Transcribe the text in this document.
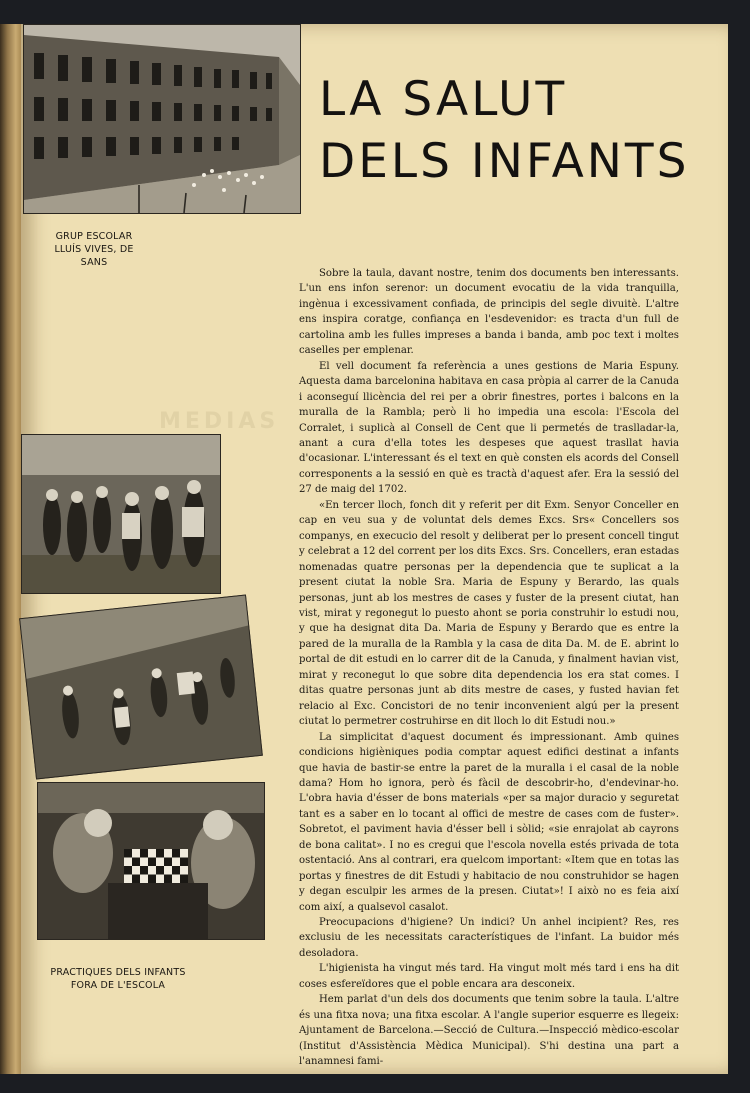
LA SALUT
DELS INFANTS
GRUP ESCOLAR
LLUÍS VIVES, DE
SANS
MEDIAS
PRACTIQUES DELS INFANTS
FORA DE L'ESCOLA

Sobre la taula, davant nostre, tenim dos documents ben interessants. L'un ens infon serenor: un document evocatiu de la vida tranquilla, ingènua i excessivament confiada, de principis del segle divuitè. L'altre ens inspira coratge, confiança en l'esdevenidor: es tracta d'un full de cartolina amb les fulles impreses a banda i banda, amb poc text i moltes caselles per emplenar.

El vell document fa referència a unes gestions de Maria Espuny. Aquesta dama barcelonina habitava en casa pròpia al carrer de la Canuda i aconseguí llicència del rei per a obrir finestres, portes i balcons en la muralla de la Rambla; però li ho impedia una escola: l'Escola del Corralet, i suplicà al Consell de Cent que li permetés de traslladar-la, anant a cura d'ella totes les despeses que aquest trasllat havia d'ocasionar. L'interessant és el text en què consten els acords del Consell corresponents a la sessió en què es tractà d'aquest afer. Era la sessió del 27 de maig del 1702.

«En tercer lloch, fonch dit y referit per dit Exm. Senyor Conceller en cap en veu sua y de voluntat dels demes Excs. Srs« Concellers sos companys, en execucio del resolt y deliberat per lo present concell tingut y celebrat a 12 del corrent per los dits Excs. Srs. Concellers, eran estadas nomenadas quatre personas per la dependencia que te suplicat a la present ciutat la noble Sra. Maria de Espuny y Berardo, las quals personas, junt ab los mestres de cases y fuster de la present ciutat, han vist, mirat y regonegut lo puesto ahont se poria construhir lo estudi nou, y que ha designat dita Da. Maria de Espuny y Berardo que es entre la pared de la muralla de la Rambla y la casa de dita Da. M. de E. abrint lo portal de dit estudi en lo carrer dit de la Canuda, y finalment havian vist, mirat y reconegut lo que sobre dita dependencia los era stat comes. I ditas quatre personas junt ab dits mestre de cases, y fusted havian fet relacio al Exc. Concistori de no tenir inconvenient algú per la present ciutat lo permetrer costruhirse en dit lloch lo dit Estudi nou.»

La simplicitat d'aquest document és impressionant. Amb quines condicions higièniques podia comptar aquest edifici destinat a infants que havia de bastir-se entre la paret de la muralla i el casal de la noble dama? Hom ho ignora, però és fàcil de descobrir-ho, d'endevinar-ho. L'obra havia d'ésser de bons materials «per sa major duracio y seguretat tant es a saber en lo tocant al offici de mestre de cases com de fuster». Sobretot, el paviment havia d'ésser bell i sòlid; «sie enrajolat ab cayrons de bona calitat». I no es cregui que l'escola novella estés privada de tota ostentació. Ans al contrari, era quelcom important: «Item que en totas las portas y finestres de dit Estudi y habitacio de nou construhidor se hagen y degan esculpir les armes de la presen. Ciutat»! I això no es feia així com així, a qualsevol casalot.

Preocupacions d'higiene? Un indici? Un anhel incipient? Res, res exclusiu de les necessitats característiques de l'infant. La buidor més desoladora.

L'higienista ha vingut més tard. Ha vingut molt més tard i ens ha dit coses esfereïdores que el poble encara ara desconeix.

Hem parlat d'un dels dos documents que tenim sobre la taula. L'altre és una fitxa nova; una fitxa escolar. A l'angle superior esquerre es llegeix: Ajuntament de Barcelona.—Secció de Cultura.—Inspecció mèdico-escolar (Institut d'Assistència Mèdica Municipal). S'hi destina una part a l'anamnesi fami-
